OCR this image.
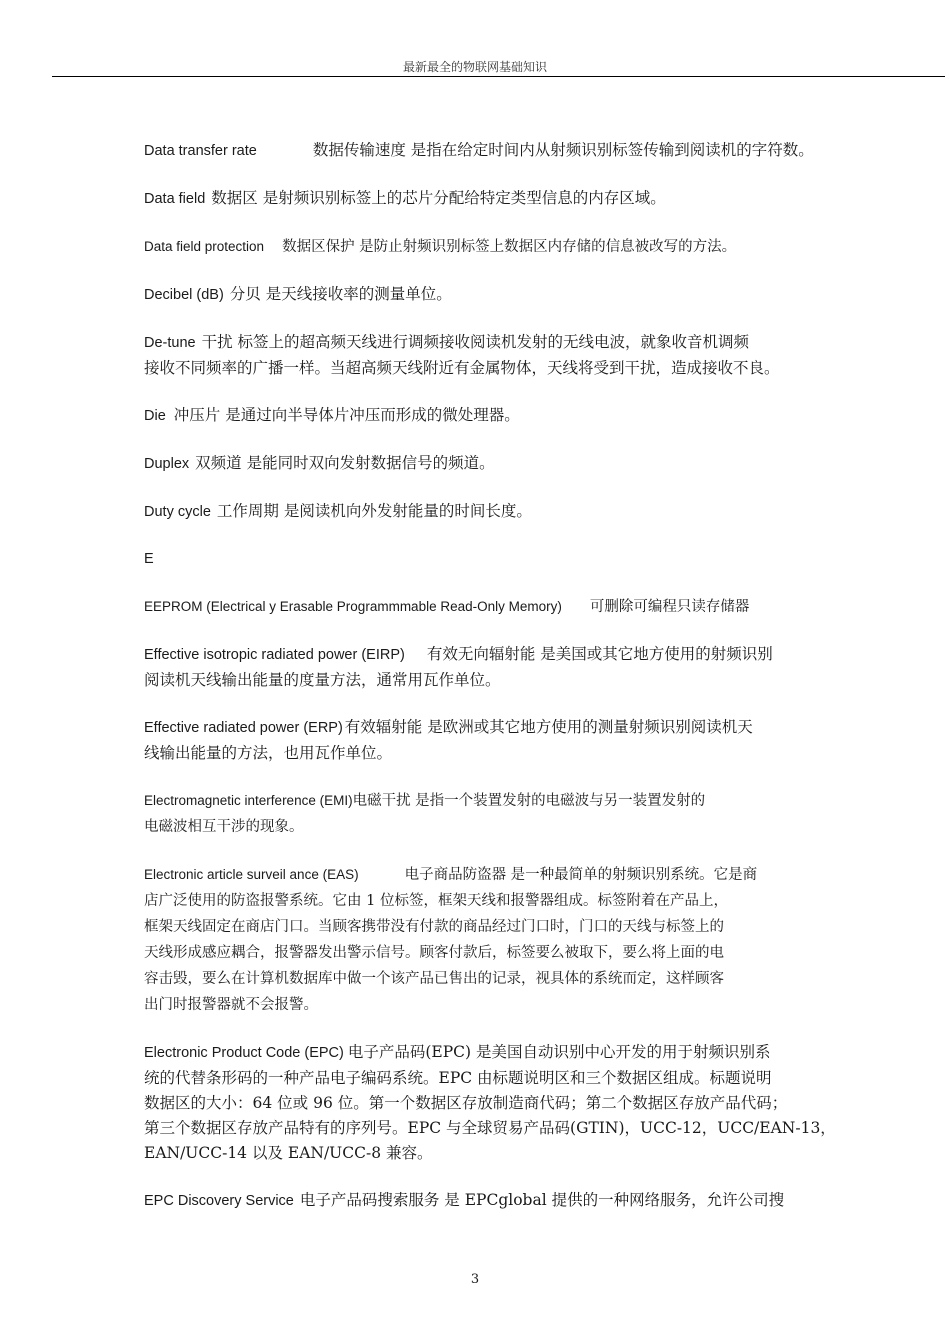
最新最全的物联网基础知识

Data transfer rate	数据传输速度 是指在给定时间内从射频识别标签传输到阅读机的字符数。

Data field 数据区 是射频识别标签上的芯片分配给特定类型信息的内存区域。

Data field protection 数据区保护 是防止射频识别标签上数据区内存储的信息被改写的方法。

Decibel (dB) 分贝 是天线接收率的测量单位。

De-tune 干扰 标签上的超高频天线进行调频接收阅读机发射的无线电波，就象收音机调频
接收不同频率的广播一样。当超高频天线附近有金属物体，天线将受到干扰，造成接收不良。

Die 冲压片 是通过向半导体片冲压而形成的微处理器。

Duplex 双频道 是能同时双向发射数据信号的频道。

Duty cycle 工作周期 是阅读机向外发射能量的时间长度。

E

EEPROM (Electrical y Erasable Programmmable Read-Only Memory) 可删除可编程只读存储器

Effective isotropic radiated power (EIRP) 有效无向辐射能 是美国或其它地方使用的射频识别
阅读机天线输出能量的度量方法，通常用瓦作单位。

Effective radiated power (ERP) 有效辐射能 是欧洲或其它地方使用的测量射频识别阅读机天
线输出能量的方法，也用瓦作单位。

Electromagnetic interference (EMI)电磁干扰 是指一个装置发射的电磁波与另一装置发射的
电磁波相互干涉的现象。

Electronic article surveil ance (EAS)	电子商品防盗器 是一种最简单的射频识别系统。它是商
店广泛使用的防盗报警系统。它由 1 位标签，框架天线和报警器组成。标签附着在产品上，
框架天线固定在商店门口。当顾客携带没有付款的商品经过门口时，门口的天线与标签上的
天线形成感应耦合，报警器发出警示信号。顾客付款后，标签要么被取下，要么将上面的电
容击毁，要么在计算机数据库中做一个该产品已售出的记录，视具体的系统而定，这样顾客
出门时报警器就不会报警。

Electronic Product Code (EPC) 电子产品码(EPC) 是美国自动识别中心开发的用于射频识别系
统的代替条形码的一种产品电子编码系统。EPC 由标题说明区和三个数据区组成。标题说明
数据区的大小：64 位或 96 位。第一个数据区存放制造商代码；第二个数据区存放产品代码；
第三个数据区存放产品特有的序列号。EPC 与全球贸易产品码(GTIN)，UCC-12，UCC/EAN-13，
EAN/UCC-14 以及 EAN/UCC-8 兼容。

EPC Discovery Service 电子产品码搜索服务 是 EPCglobal 提供的一种网络服务，允许公司搜

3
